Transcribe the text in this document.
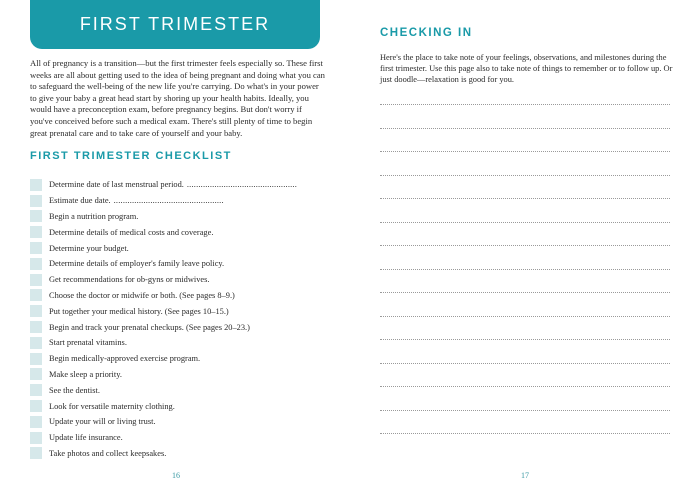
FIRST TRIMESTER

All of pregnancy is a transition—but the first trimester feels especially so. These first weeks are all about getting used to the idea of being pregnant and doing what you can to safeguard the well-being of the new life you're carrying. Do what's in your power to give your baby a great head start by shoring up your health habits. Ideally, you would have a preconception exam, before pregnancy begins. But don't worry if you've conceived before such a medical exam. There's still plenty of time to begin great prenatal care and to take care of yourself and your baby.

FIRST TRIMESTER CHECKLIST
Determine date of last menstrual period. ................................................
Estimate due date. ................................................
Begin a nutrition program.
Determine details of medical costs and coverage.
Determine your budget.
Determine details of employer's family leave policy.
Get recommendations for ob-gyns or midwives.
Choose the doctor or midwife or both. (See pages 8–9.)
Put together your medical history. (See pages 10–15.)
Begin and track your prenatal checkups. (See pages 20–23.)
Start prenatal vitamins.
Begin medically-approved exercise program.
Make sleep a priority.
See the dentist.
Look for versatile maternity clothing.
Update your will or living trust.
Update life insurance.
Take photos and collect keepsakes.
16
CHECKING IN

Here's the place to take note of your feelings, observations, and milestones during the first trimester. Use this page also to take note of things to remember or to follow up. Or just doodle—relaxation is good for you.

17
